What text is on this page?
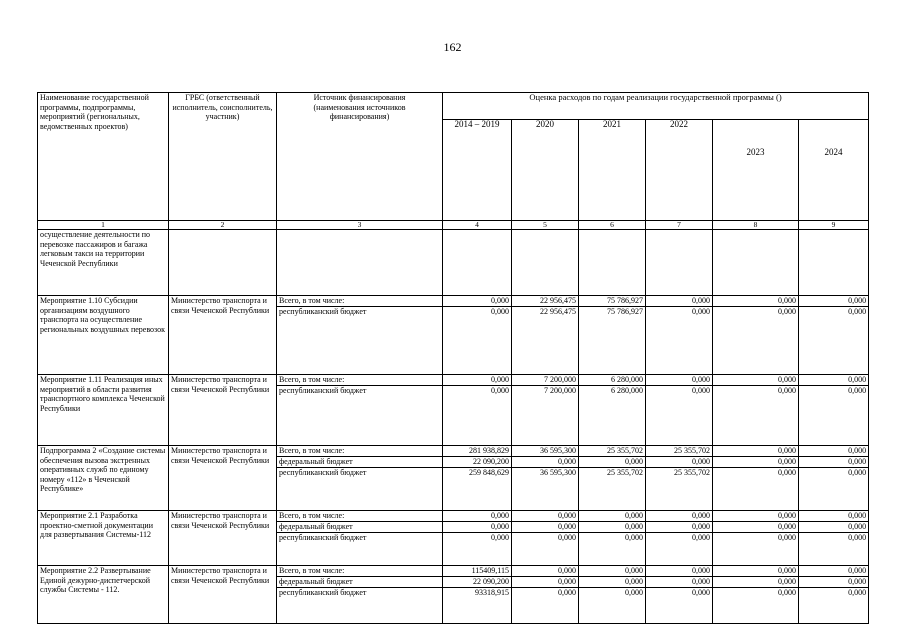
162
Наименование государственной программы, подпрограммы, мероприятий (региональных, ведомственных проектов)	ГРБС (ответственный исполнитель, соисполнитель, участник)	Источник финансирования (наименования источников финансирования)	Оценка расходов по годам реализации государственной программы ()					
			2014 – 2019	2020	2021	2022	2023	2024
1	2	3	4	5	6	7	8	9
осуществление деятельности по перевозке пассажиров и багажа легковым такси на территории Чеченской Республики								
Мероприятие 1.10 Субсидии организациям воздушного транспорта на осуществление региональных воздушных перевозок	Министерство транспорта и связи Чеченской Республики	Всего, в том числе:	0,000	22 956,475	75 786,927	0,000	0,000	0,000
		республиканский бюджет	0,000	22 956,475	75 786,927	0,000	0,000	0,000
Мероприятие 1.11 Реализация иных мероприятий в области развития транспортного комплекса Чеченской Республики	Министерство транспорта и связи Чеченской Республики	Всего, в том числе:	0,000	7 200,000	6 280,000	0,000	0,000	0,000
		республиканский бюджет	0,000	7 200,000	6 280,000	0,000	0,000	0,000
Подпрограмма 2 «Создание системы обеспечения вызова экстренных оперативных служб по единому номеру «112» в Чеченской Республике»	Министерство транспорта и связи Чеченской Республики	Всего, в том числе:	281 938,829	36 595,300	25 355,702	25 355,702	0,000	0,000
		федеральный бюджет	22 090,200	0,000	0,000	0,000	0,000	0,000
		республиканский бюджет	259 848,629	36 595,300	25 355,702	25 355,702	0,000	0,000
Мероприятие 2.1 Разработка проектно-сметной документации для развертывания Системы-112	Министерство транспорта и связи Чеченской Республики	Всего, в том числе:	0,000	0,000	0,000	0,000	0,000	0,000
		федеральный бюджет	0,000	0,000	0,000	0,000	0,000	0,000
		республиканский бюджет	0,000	0,000	0,000	0,000	0,000	0,000
Мероприятие 2.2 Развертывание Единой дежурно-диспетчерской службы Системы - 112.	Министерство транспорта и связи Чеченской Республики	Всего, в том числе:	115409,115	0,000	0,000	0,000	0,000	0,000
		федеральный бюджет	22 090,200	0,000	0,000	0,000	0,000	0,000
		республиканский бюджет	93318,915	0,000	0,000	0,000	0,000	0,000
